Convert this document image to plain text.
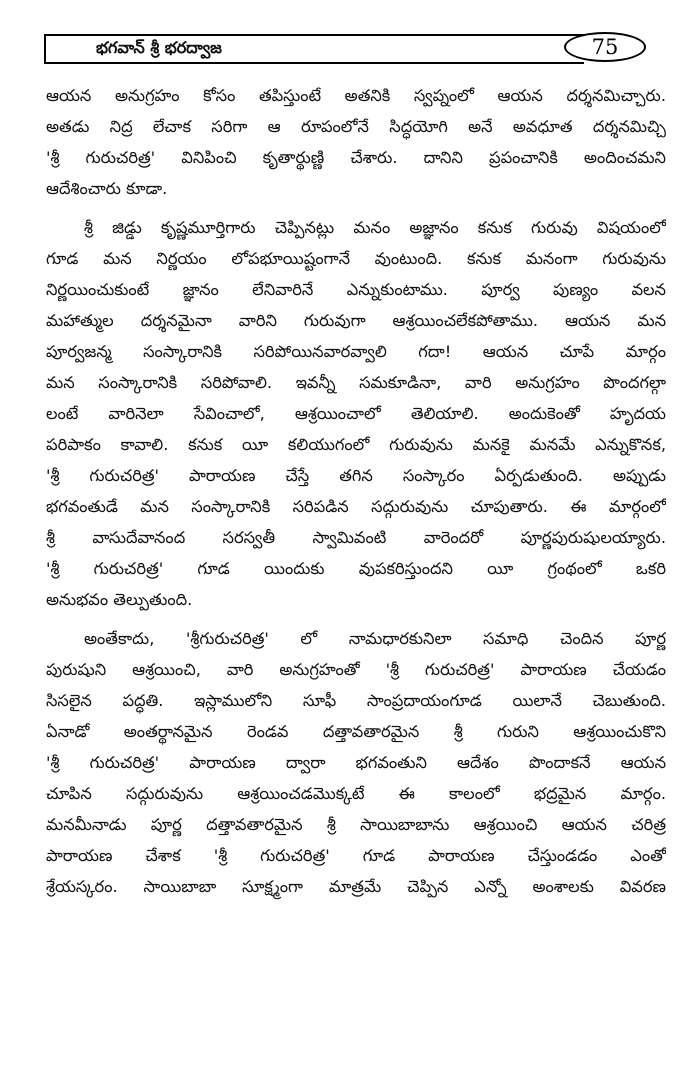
భగవాన్ శ్రీ భరద్వాజ	75
ఆయన అనుగ్రహం కోసం తపిస్తుంటే అతనికి స్వప్నంలో ఆయన దర్శనమిచ్చారు.
అతడు నిద్ర లేచాక సరిగా ఆ రూపంలోనే సిద్ధయోగి అనే అవధూత దర్శనమిచ్చి
'శ్రీ గురుచరిత్ర' వినిపించి కృతార్థుణ్ణి చేశారు. దానిని ప్రపంచానికి అందించమని
ఆదేశించారు కూడా.
శ్రీ జిడ్డు కృష్ణమూర్తిగారు చెప్పినట్లు మనం అజ్ఞానం కనుక గురువు విషయంలో
గూడ మన నిర్ణయం లోపభూయిష్టంగానే వుంటుంది. కనుక మనంగా గురువును
నిర్ణయించుకుంటే జ్ఞానం లేనివారినే ఎన్నుకుంటాము. పూర్వ పుణ్యం వలన
మహాత్ముల దర్శనమైనా వారిని గురువుగా ఆశ్రయించలేకపోతాము. ఆయన మన
పూర్వజన్మ సంస్కారానికి సరిపోయినవారవ్వాలి గదా! ఆయన చూపే మార్గం
మన సంస్కారానికి సరిపోవాలి. ఇవన్నీ సమకూడినా, వారి అనుగ్రహం పొందగల్గా
లంటే వారినెలా సేవించాలో, ఆశ్రయించాలో తెలియాలి. అందుకెంతో హృదయ
పరిపాకం కావాలి. కనుక యీ కలియుగంలో గురువును మనకై మనమే ఎన్నుకొనక,
'శ్రీ గురుచరిత్ర' పారాయణ చేస్తే తగిన సంస్కారం ఏర్పడుతుంది. అప్పుడు
భగవంతుడే మన సంస్కారానికి సరిపడిన సద్గురువును చూపుతారు. ఈ మార్గంలో
శ్రీ వాసుదేవానంద సరస్వతీ స్వామివంటి వారెందరో పూర్ణపురుషులయ్యారు.
'శ్రీ గురుచరిత్ర' గూడ యిందుకు వుపకరిస్తుందని యీ గ్రంథంలో ఒకరి
అనుభవం తెల్పుతుంది.
అంతేకాదు, 'శ్రీగురుచరిత్ర' లో నామధారకునిలా సమాధి చెందిన పూర్ణ
పురుషుని ఆశ్రయించి, వారి అనుగ్రహంతో 'శ్రీ గురుచరిత్ర' పారాయణ చేయడం
సిసలైన పద్ధతి. ఇస్లాములోని సూఫీ సాంప్రదాయంగూడ యిలానే చెబుతుంది.
ఏనాడో అంతర్థానమైన రెండవ దత్తావతారమైన శ్రీ గురుని ఆశ్రయించుకొని
'శ్రీ గురుచరిత్ర' పారాయణ ద్వారా భగవంతుని ఆదేశం పొందాకనే ఆయన
చూపిన సద్గురువును ఆశ్రయించడమొక్కటే ఈ కాలంలో భద్రమైన మార్గం.
మనమీనాడు పూర్ణ దత్తావతారమైన శ్రీ సాయిబాబాను ఆశ్రయించి ఆయన చరిత్ర
పారాయణ చేశాక 'శ్రీ గురుచరిత్ర' గూడ పారాయణ చేస్తుండడం ఎంతో
శ్రేయస్కరం. సాయిబాబా సూక్ష్మంగా మాత్రమే చెప్పిన ఎన్నో అంశాలకు వివరణ
